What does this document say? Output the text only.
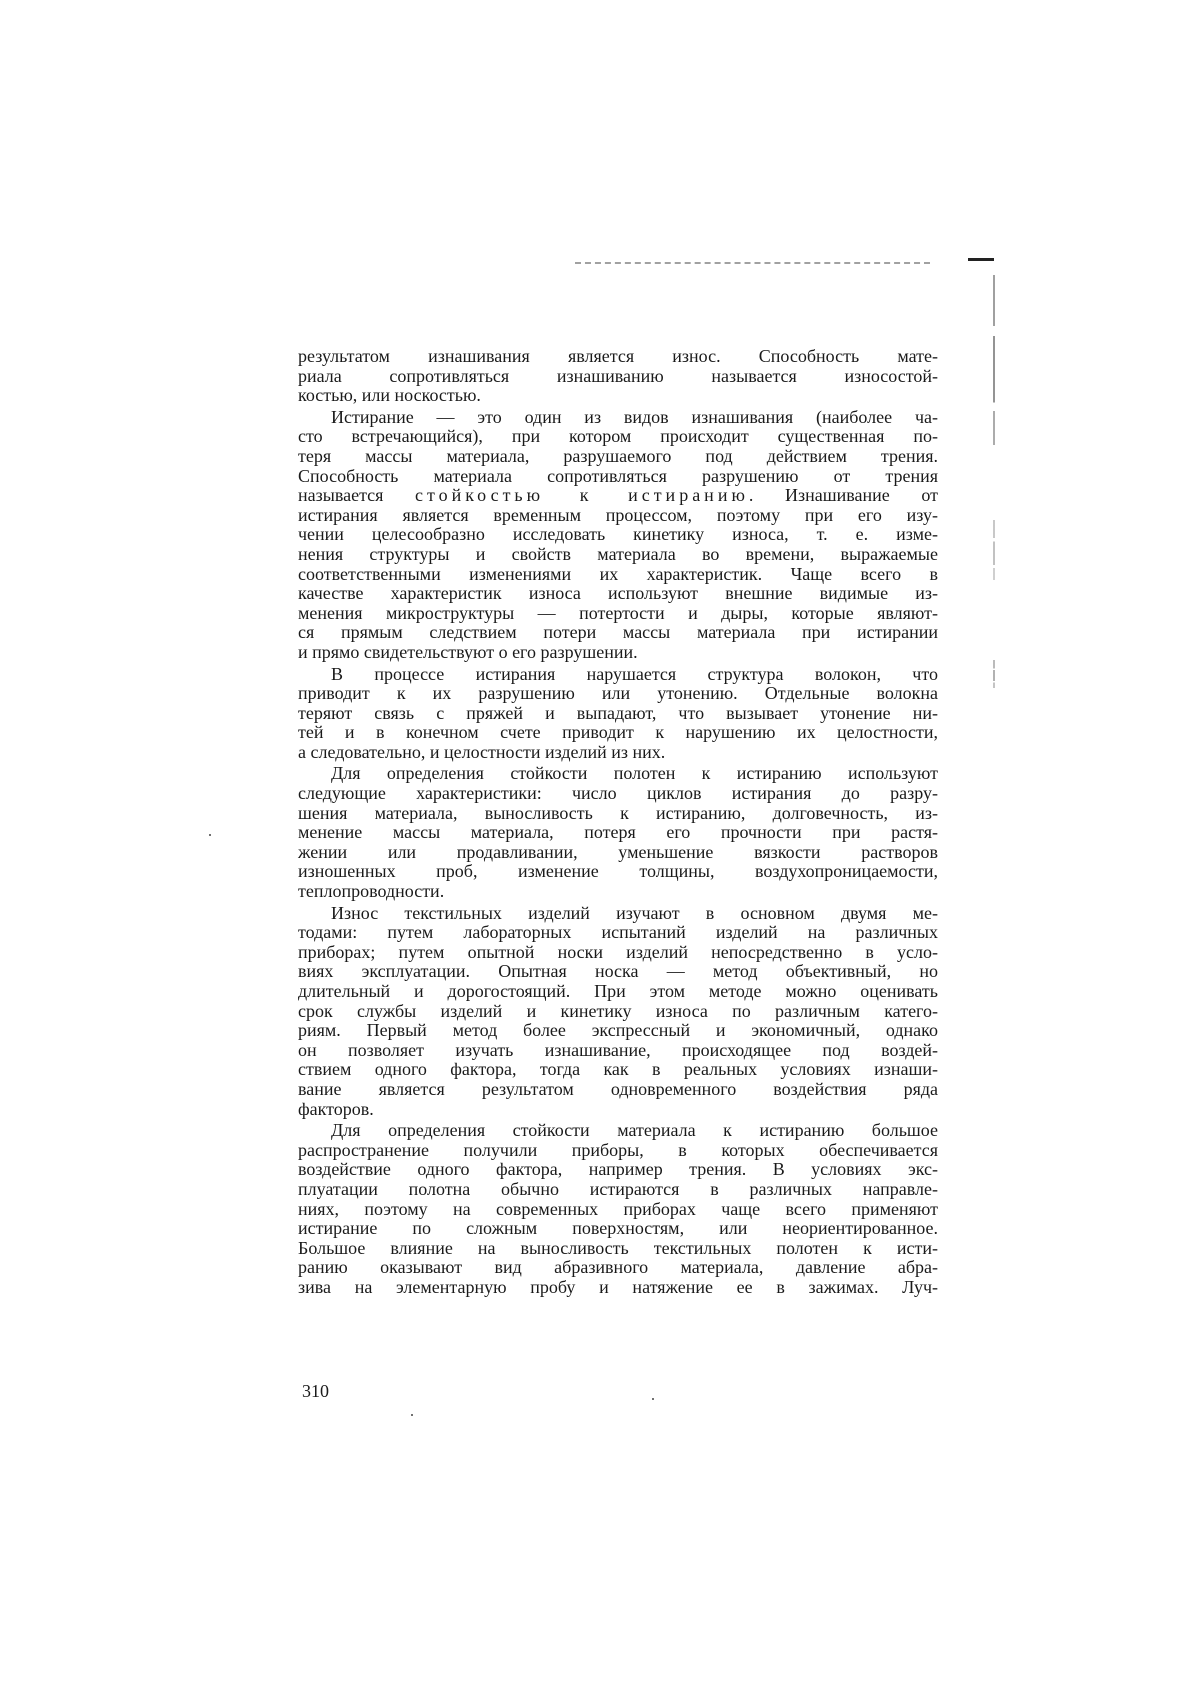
результатом изнашивания является износ. Способность мате-
риала сопротивляться изнашиванию называется износостой-
костью, или носкостью.

Истирание — это один из видов изнашивания (наиболее ча-
сто встречающийся), при котором происходит существенная по-
теря массы материала, разрушаемого под действием трения.
Способность материала сопротивляться разрушению от трения
называется стойкостью к истиранию. Изнашивание от
истирания является временным процессом, поэтому при его изу-
чении целесообразно исследовать кинетику износа, т. е. изме-
нения структуры и свойств материала во времени, выражаемые
соответственными изменениями их характеристик. Чаще всего в
качестве характеристик износа используют внешние видимые из-
менения микроструктуры — потертости и дыры, которые являют-
ся прямым следствием потери массы материала при истирании
и прямо свидетельствуют о его разрушении.

В процессе истирания нарушается структура волокон, что
приводит к их разрушению или утонению. Отдельные волокна
теряют связь с пряжей и выпадают, что вызывает утонение ни-
тей и в конечном счете приводит к нарушению их целостности,
а следовательно, и целостности изделий из них.

Для определения стойкости полотен к истиранию используют
следующие характеристики: число циклов истирания до разру-
шения материала, выносливость к истиранию, долговечность, из-
менение массы материала, потеря его прочности при растя-
жении или продавливании, уменьшение вязкости растворов
изношенных проб, изменение толщины, воздухопроницаемости,
теплопроводности.

Износ текстильных изделий изучают в основном двумя ме-
тодами: путем лабораторных испытаний изделий на различных
приборах; путем опытной носки изделий непосредственно в усло-
виях эксплуатации. Опытная носка — метод объективный, но
длительный и дорогостоящий. При этом методе можно оценивать
срок службы изделий и кинетику износа по различным катего-
риям. Первый метод более экспрессный и экономичный, однако
он позволяет изучать изнашивание, происходящее под воздей-
ствием одного фактора, тогда как в реальных условиях изнаши-
вание является результатом одновременного воздействия ряда
факторов.

Для определения стойкости материала к истиранию большое
распространение получили приборы, в которых обеспечивается
воздействие одного фактора, например трения. В условиях экс-
плуатации полотна обычно истираются в различных направле-
ниях, поэтому на современных приборах чаще всего применяют
истирание по сложным поверхностям, или неориентированное.
Большое влияние на выносливость текстильных полотен к исти-
ранию оказывают вид абразивного материала, давление абра-
зива на элементарную пробу и натяжение ее в зажимах. Луч-

310
